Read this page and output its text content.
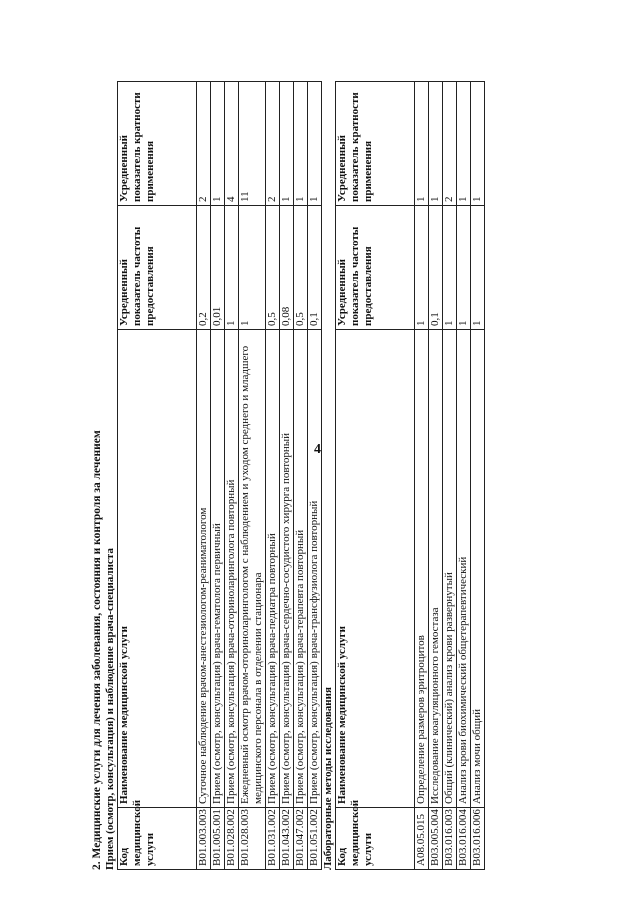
4
2. Медицинские услуги для лечения заболевания, состояния и контроля за лечением Прием (осмотр, консультация) и наблюдение врача-специалиста Код медицинской услуги	Наименование медицинской услуги	Усредненный показатель частоты предоставления	Усредненный показатель кратности применения
B01.003.003	Суточное наблюдение врачом-анестезиологом-реаниматологом	0,2	2
B01.005.001	Прием (осмотр, консультация) врача-гематолога первичный	0,01	1
B01.028.002	Прием (осмотр, консультация) врача-оториноларинголога повторный	1	4
B01.028.003	Ежедневный осмотр врачом-оториноларингологом с наблюдением и уходом среднего и младшего медицинского персонала в отделении стационара	1	11
B01.031.002	Прием (осмотр, консультация) врача-педиатра повторный	0,5	2
B01.043.002	Прием (осмотр, консультация) врача-сердечно-сосудистого хирурга повторный	0,08	1
B01.047.002	Прием (осмотр, консультация) врача-терапевта повторный	0,5	1
B01.051.002	Прием (осмотр, консультация) врача-трансфузиолога повторный	0,1	1
Лабораторные методы исследования Код медицинской услуги	Наименование медицинской услуги	Усредненный показатель частоты предоставления	Усредненный показатель кратности применения
A08.05.015	Определение размеров эритроцитов	1	1
B03.005.004	Исследование коагуляционного гемостаза	0,1	1
B03.016.003	Общий (клинический) анализ крови развернутый	1	2
B03.016.004	Анализ крови биохимический общетерапевтический	1	1
B03.016.006	Анализ мочи общий	1	1
